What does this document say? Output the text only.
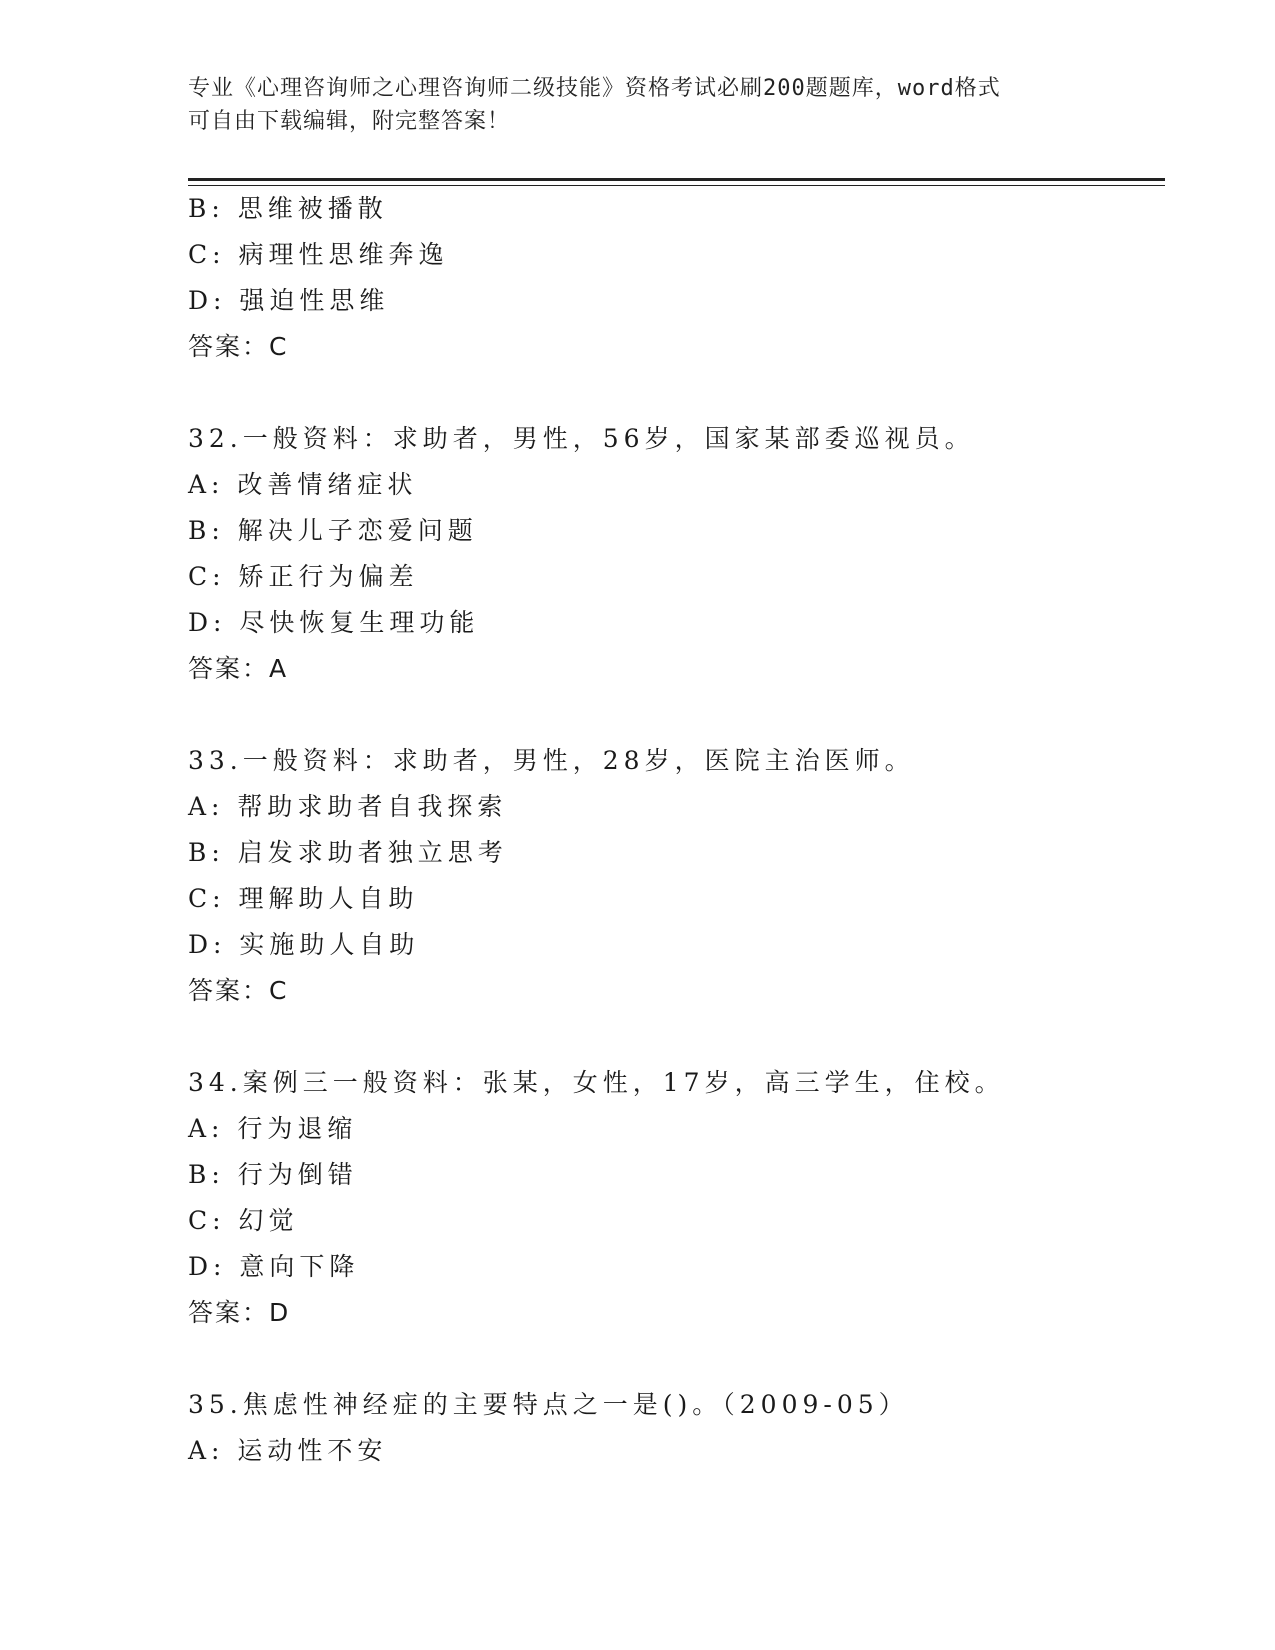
专业《心理咨询师之心理咨询师二级技能》资格考试必刷200题题库，word格式
可自由下载编辑，附完整答案！
B: 思维被播散
C: 病理性思维奔逸
D: 强迫性思维
答案：C
32.一般资料：求助者，男性，56岁，国家某部委巡视员。
A: 改善情绪症状
B: 解决儿子恋爱问题
C: 矫正行为偏差
D: 尽快恢复生理功能
答案：A
33.一般资料：求助者，男性，28岁，医院主治医师。
A: 帮助求助者自我探索
B: 启发求助者独立思考
C: 理解助人自助
D: 实施助人自助
答案：C
34.案例三一般资料：张某，女性，17岁，高三学生，住校。
A: 行为退缩
B: 行为倒错
C: 幻觉
D: 意向下降
答案：D
35.焦虑性神经症的主要特点之一是()。（2009-05）
A: 运动性不安
